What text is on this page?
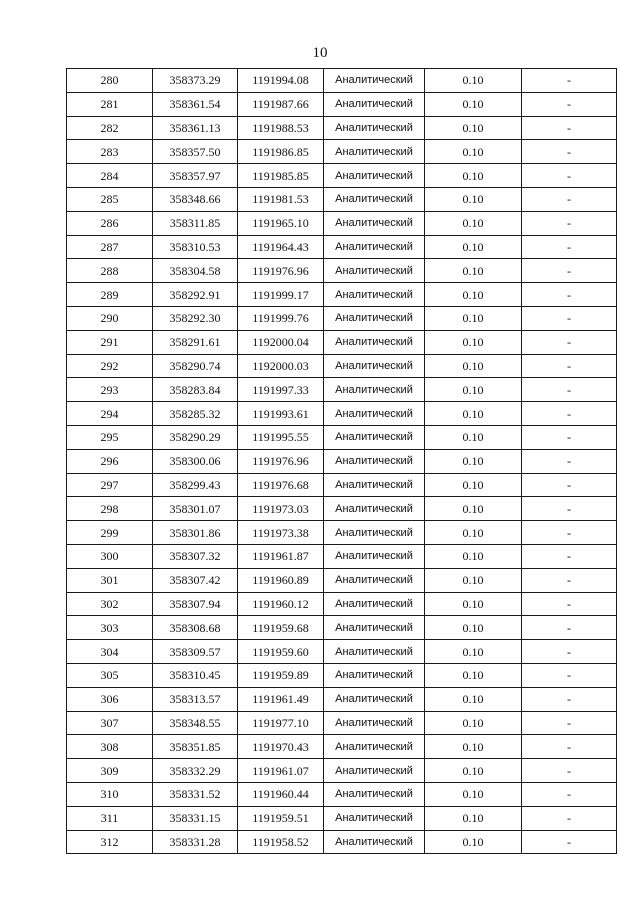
10
280	358373.29	1191994.08	Аналитический	0.10	-
281	358361.54	1191987.66	Аналитический	0.10	-
282	358361.13	1191988.53	Аналитический	0.10	-
283	358357.50	1191986.85	Аналитический	0.10	-
284	358357.97	1191985.85	Аналитический	0.10	-
285	358348.66	1191981.53	Аналитический	0.10	-
286	358311.85	1191965.10	Аналитический	0.10	-
287	358310.53	1191964.43	Аналитический	0.10	-
288	358304.58	1191976.96	Аналитический	0.10	-
289	358292.91	1191999.17	Аналитический	0.10	-
290	358292.30	1191999.76	Аналитический	0.10	-
291	358291.61	1192000.04	Аналитический	0.10	-
292	358290.74	1192000.03	Аналитический	0.10	-
293	358283.84	1191997.33	Аналитический	0.10	-
294	358285.32	1191993.61	Аналитический	0.10	-
295	358290.29	1191995.55	Аналитический	0.10	-
296	358300.06	1191976.96	Аналитический	0.10	-
297	358299.43	1191976.68	Аналитический	0.10	-
298	358301.07	1191973.03	Аналитический	0.10	-
299	358301.86	1191973.38	Аналитический	0.10	-
300	358307.32	1191961.87	Аналитический	0.10	-
301	358307.42	1191960.89	Аналитический	0.10	-
302	358307.94	1191960.12	Аналитический	0.10	-
303	358308.68	1191959.68	Аналитический	0.10	-
304	358309.57	1191959.60	Аналитический	0.10	-
305	358310.45	1191959.89	Аналитический	0.10	-
306	358313.57	1191961.49	Аналитический	0.10	-
307	358348.55	1191977.10	Аналитический	0.10	-
308	358351.85	1191970.43	Аналитический	0.10	-
309	358332.29	1191961.07	Аналитический	0.10	-
310	358331.52	1191960.44	Аналитический	0.10	-
311	358331.15	1191959.51	Аналитический	0.10	-
312	358331.28	1191958.52	Аналитический	0.10	-
